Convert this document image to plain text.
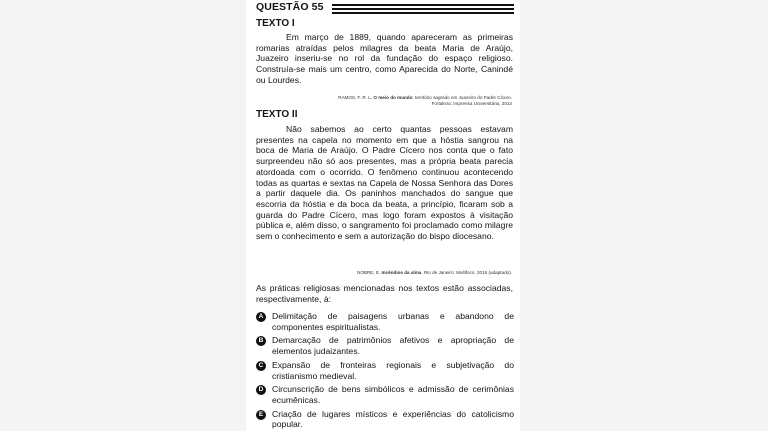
QUESTÃO 55
TEXTO I

Em março de 1889, quando apareceram as primeiras romarias atraídas pelos milagres da beata Maria de Araújo, Juazeiro inseriu-se no rol da fundação do espaço religioso. Construía-se mais um centro, como Aparecida do Norte, Canindé ou Lourdes.

RAMOS, F. R. L. O meio do mundo: território sagrado em Juazeiro do Padre Cícero.
Fortaleza: Imprensa Universitária, 2014
TEXTO II

Não sabemos ao certo quantas pessoas estavam presentes na capela no momento em que a hóstia sangrou na boca de Maria de Araújo. O Padre Cícero nos conta que o fato surpreendeu não só aos presentes, mas a própria beata parecia atordoada com o ocorrido. O fenômeno continuou acontecendo todas as quartas e sextas na Capela de Nossa Senhora das Dores a partir daquele dia. Os paninhos manchados do sangue que escorria da hóstia e da boca da beata, a princípio, ficaram sob a guarda do Padre Cícero, mas logo foram expostos à visitação pública e, além disso, o sangramento foi proclamado como milagre sem o conhecimento e sem a autorização do bispo diocesano.

NOBRE, E. Incêndios da alma. Rio de Janeiro: Multifoco, 2016 (adaptado).

As práticas religiosas mencionadas nos textos estão associadas, respectivamente, à:

A	Delimitação de paisagens urbanas e abandono de componentes espiritualistas.
B	Demarcação de patrimônios afetivos e apropriação de elementos judaizantes.
C	Expansão de fronteiras regionais e subjetivação do cristianismo medieval.
D	Circunscrição de bens simbólicos e admissão de cerimônias ecumênicas.
E	Criação de lugares místicos e experiências do catolicismo popular.
